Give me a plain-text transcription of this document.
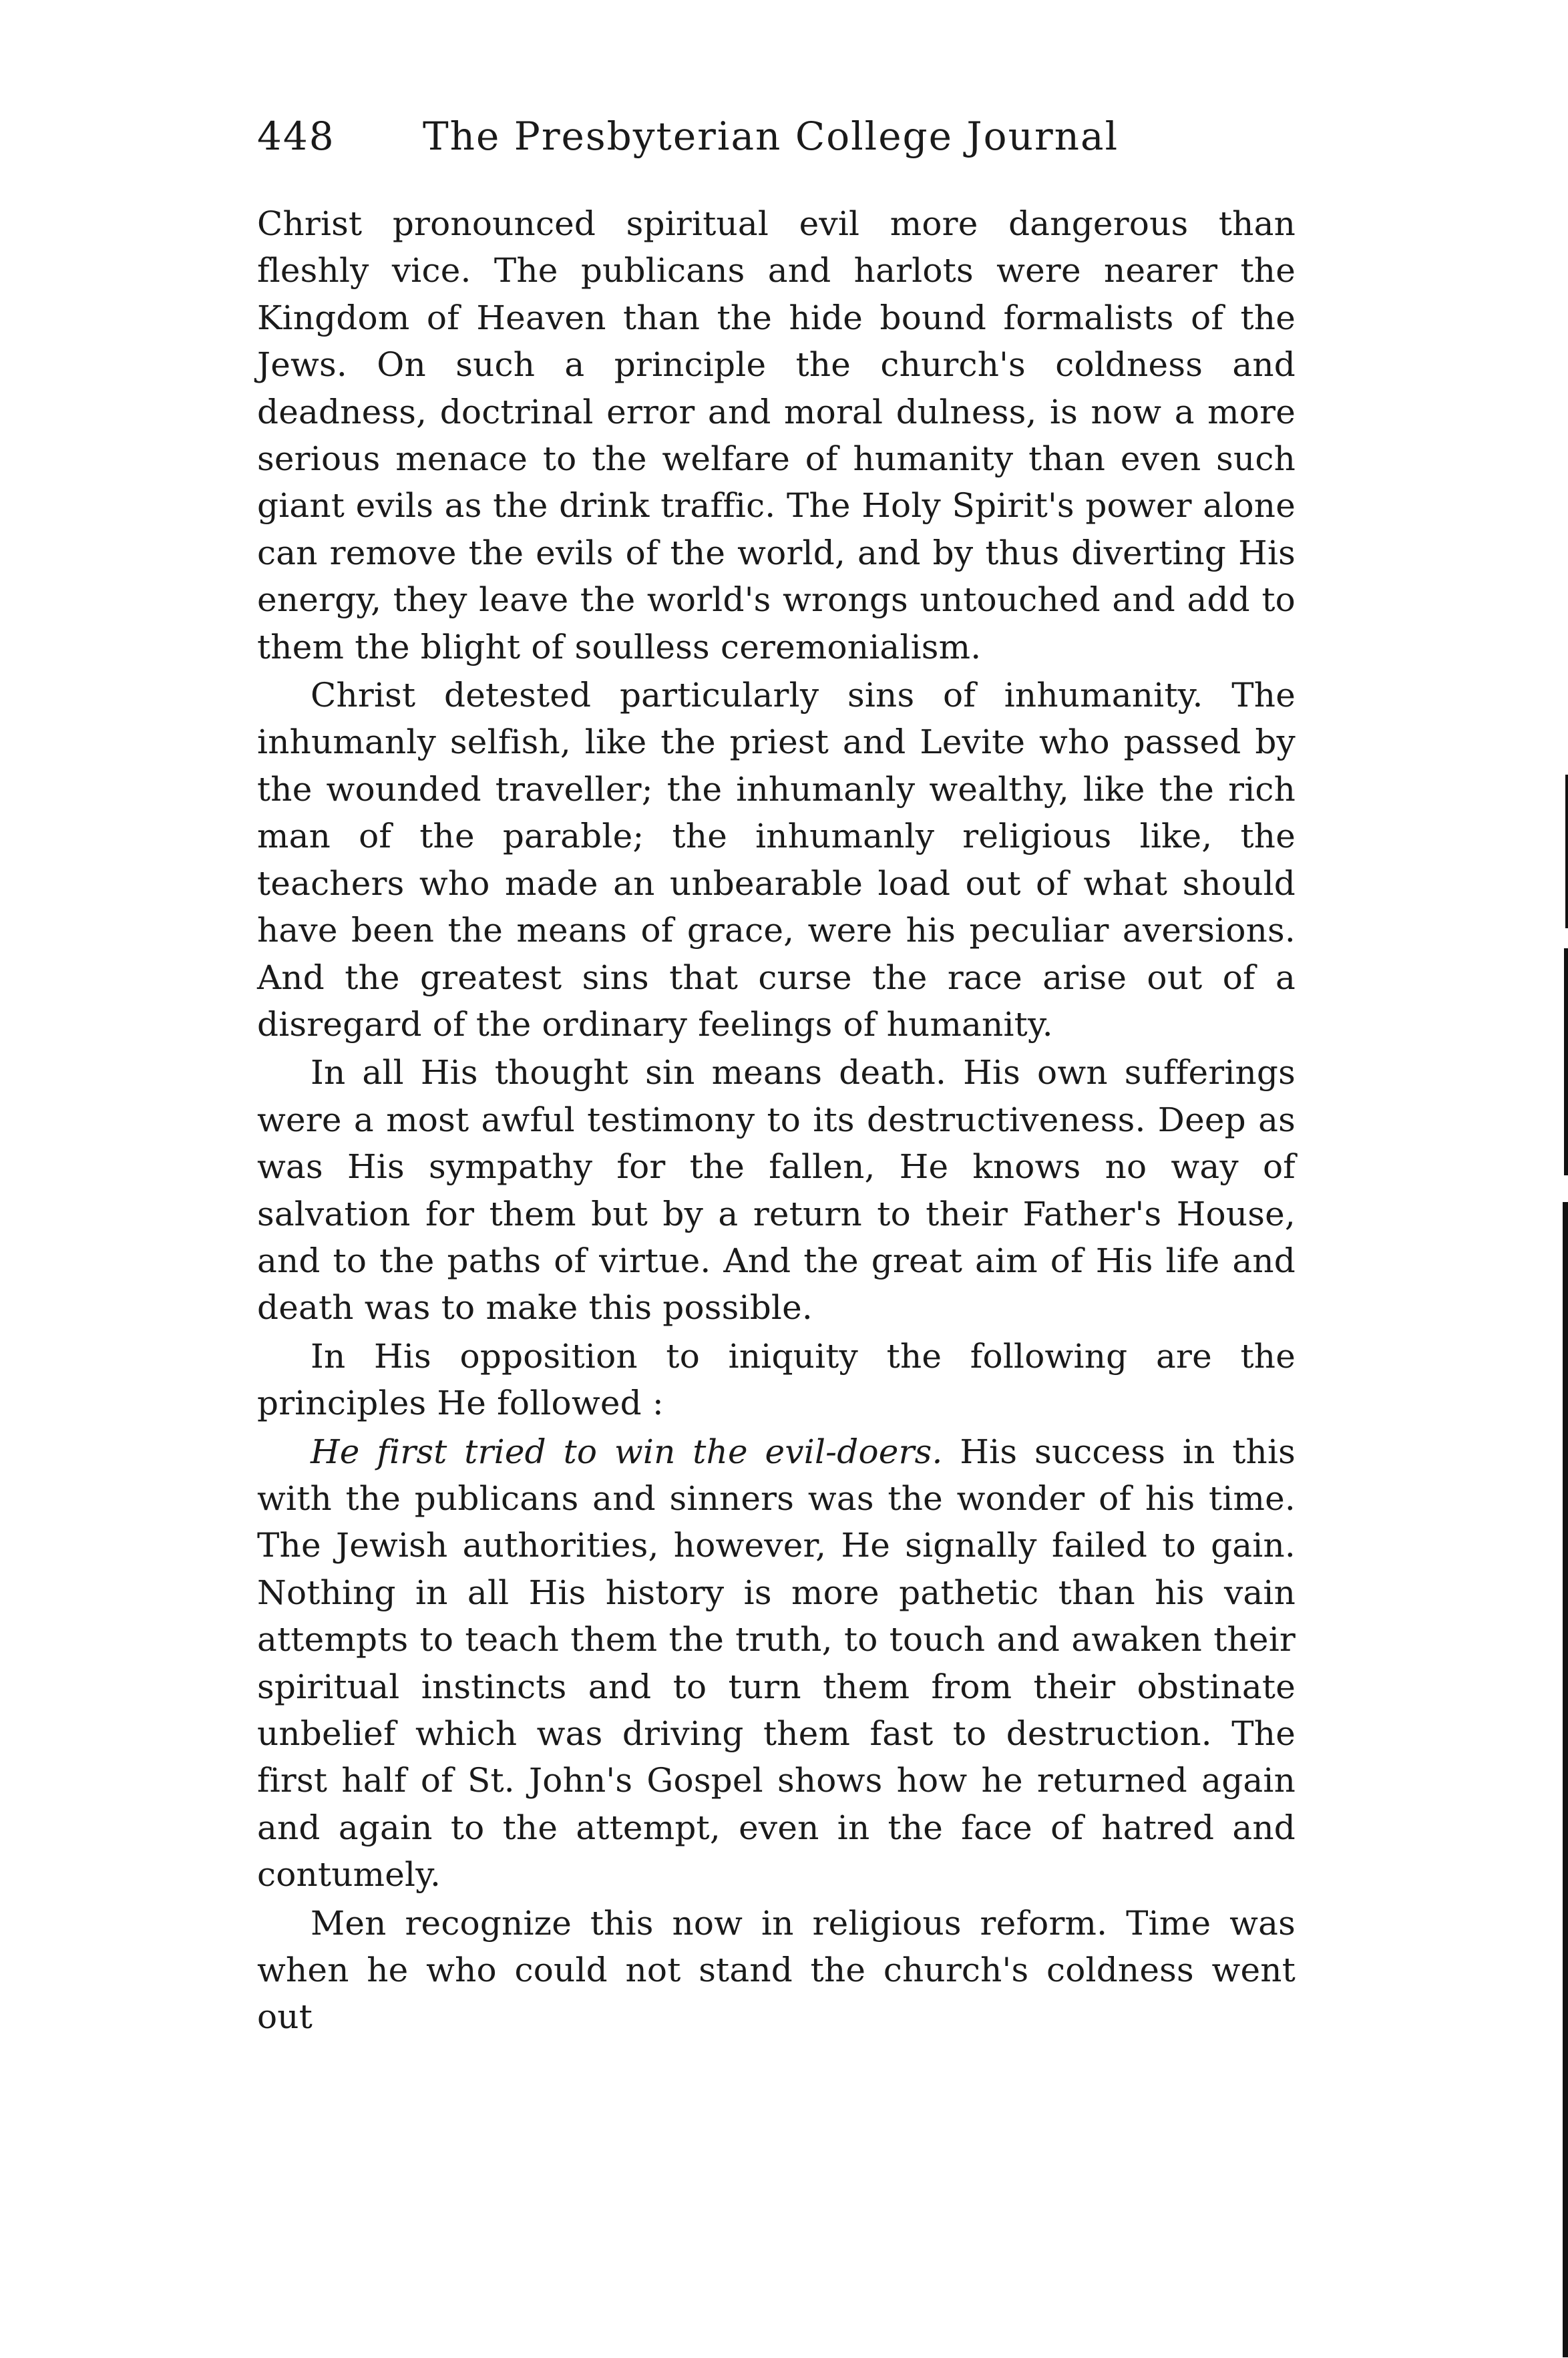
448	The Presbyterian College Journal

Christ pronounced spiritual evil more dangerous than fleshly vice. The publicans and harlots were nearer the Kingdom of Heaven than the hide bound formalists of the Jews. On such a principle the church's coldness and deadness, doctrinal error and moral dulness, is now a more serious menace to the welfare of humanity than even such giant evils as the drink traffic. The Holy Spirit's power alone can remove the evils of the world, and by thus diverting His energy, they leave the world's wrongs untouched and add to them the blight of soulless ceremonialism.

Christ detested particularly sins of inhumanity. The inhumanly selfish, like the priest and Levite who passed by the wounded traveller; the inhumanly wealthy, like the rich man of the parable; the inhumanly religious like, the teachers who made an unbearable load out of what should have been the means of grace, were his peculiar aversions. And the greatest sins that curse the race arise out of a disregard of the ordinary feelings of humanity.

In all His thought sin means death. His own sufferings were a most awful testimony to its destructiveness. Deep as was His sympathy for the fallen, He knows no way of salvation for them but by a return to their Father's House, and to the paths of virtue. And the great aim of His life and death was to make this possible.

In His opposition to iniquity the following are the principles He followed :

He first tried to win the evil-doers. His success in this with the publicans and sinners was the wonder of his time. The Jewish authorities, however, He signally failed to gain. Nothing in all His history is more pathetic than his vain attempts to teach them the truth, to touch and awaken their spiritual instincts and to turn them from their obstinate unbelief which was driving them fast to destruction. The first half of St. John's Gospel shows how he returned again and again to the attempt, even in the face of hatred and contumely.

Men recognize this now in religious reform. Time was when he who could not stand the church's coldness went out
